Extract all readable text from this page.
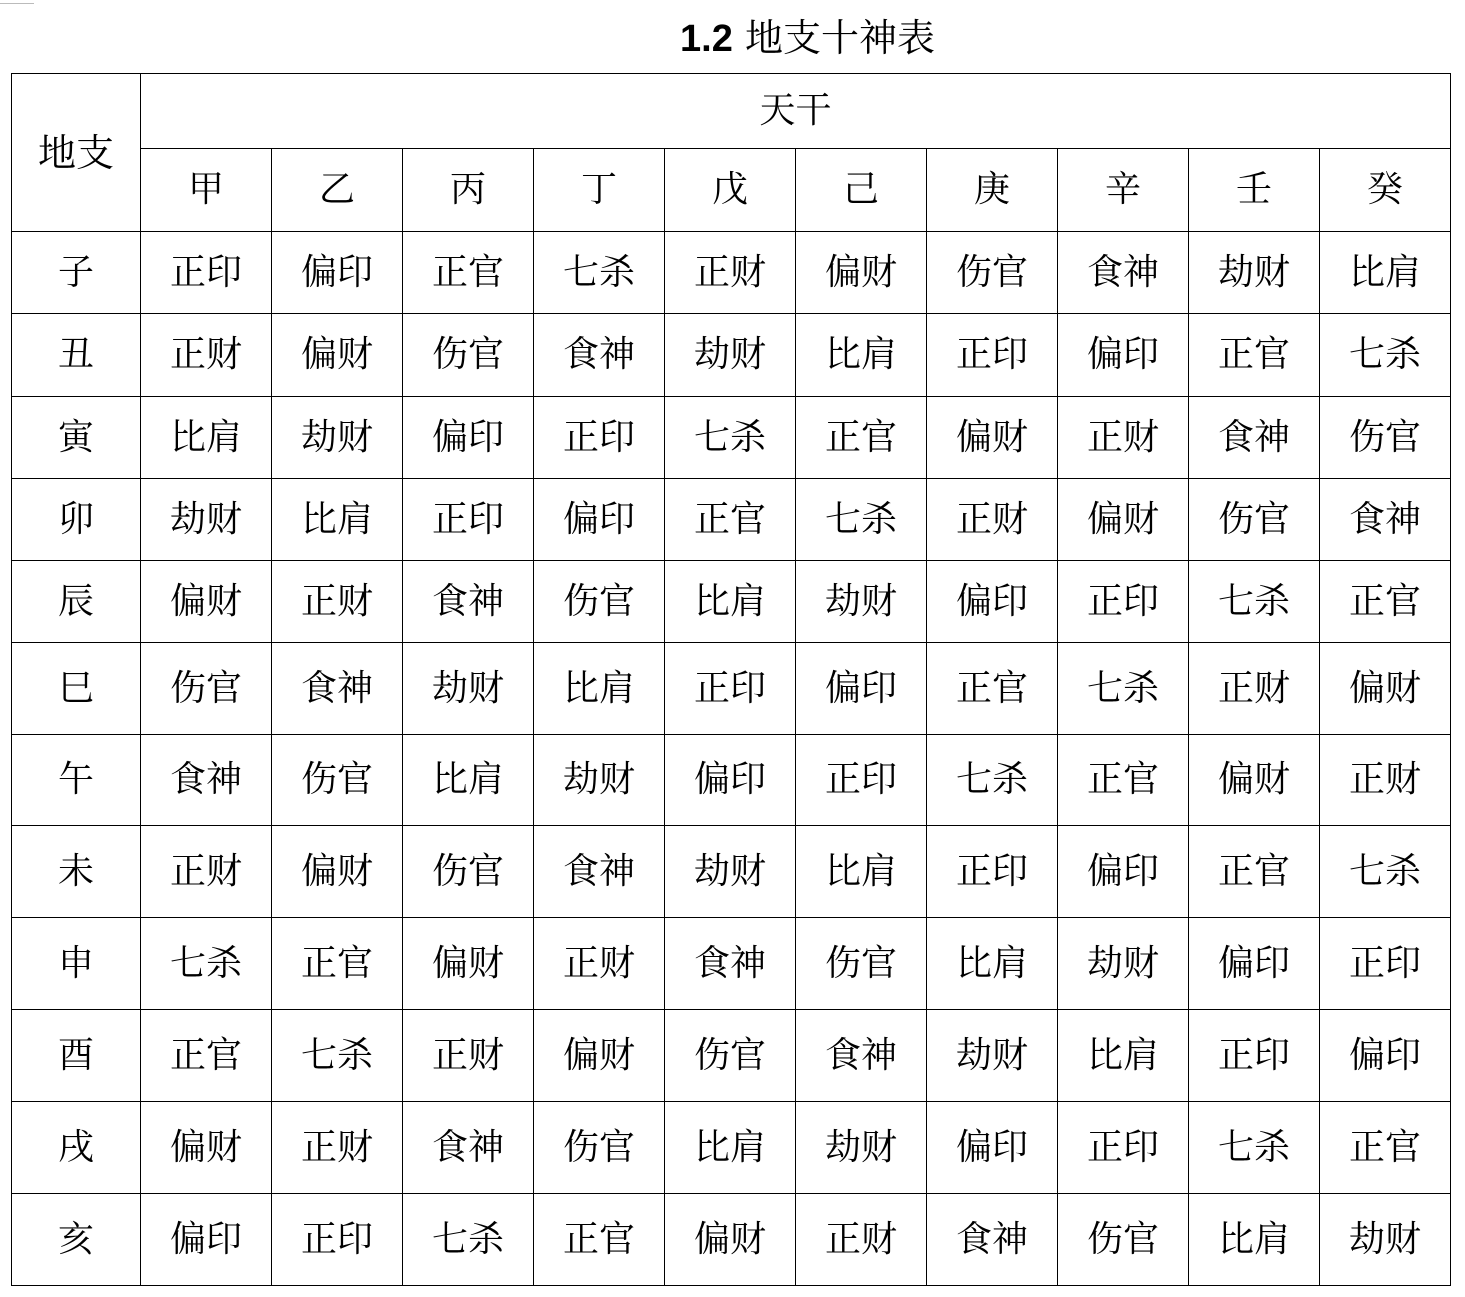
1.2 地支十神表
地支	天干									
	甲	乙	丙	丁	戊	己	庚	辛	壬	癸
子	正印	偏印	正官	七杀	正财	偏财	伤官	食神	劫财	比肩
丑	正财	偏财	伤官	食神	劫财	比肩	正印	偏印	正官	七杀
寅	比肩	劫财	偏印	正印	七杀	正官	偏财	正财	食神	伤官
卯	劫财	比肩	正印	偏印	正官	七杀	正财	偏财	伤官	食神
辰	偏财	正财	食神	伤官	比肩	劫财	偏印	正印	七杀	正官
巳	伤官	食神	劫财	比肩	正印	偏印	正官	七杀	正财	偏财
午	食神	伤官	比肩	劫财	偏印	正印	七杀	正官	偏财	正财
未	正财	偏财	伤官	食神	劫财	比肩	正印	偏印	正官	七杀
申	七杀	正官	偏财	正财	食神	伤官	比肩	劫财	偏印	正印
酉	正官	七杀	正财	偏财	伤官	食神	劫财	比肩	正印	偏印
戌	偏财	正财	食神	伤官	比肩	劫财	偏印	正印	七杀	正官
亥	偏印	正印	七杀	正官	偏财	正财	食神	伤官	比肩	劫财
